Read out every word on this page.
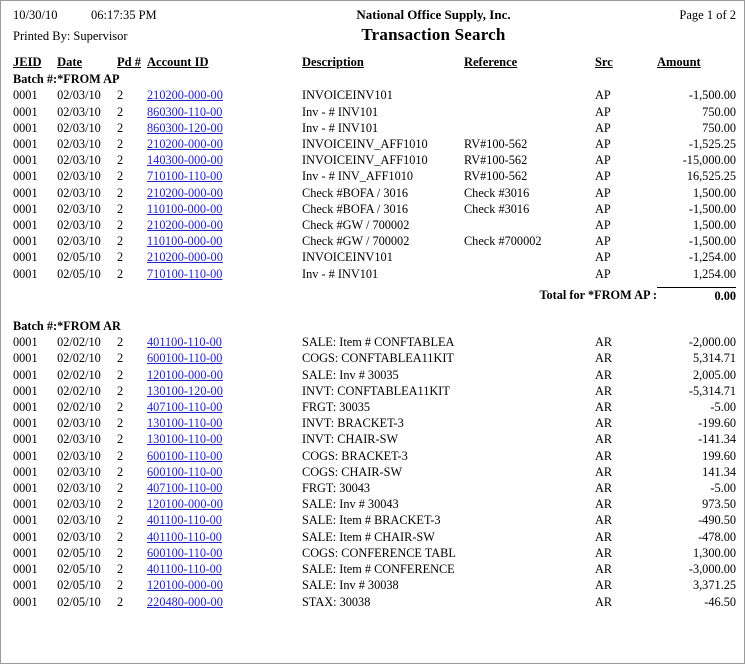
10/30/10	06:17:35 PM	National Office Supply, Inc.	Page 1 of 2
Printed By: Supervisor	Transaction Search
JEID	Date	Pd #	Account ID	Description	Reference	Src	Amount
Batch #:	*FROM AP						
0001	02/03/10	2	210200-000-00	INVOICEINV101		AP	-1,500.00
0001	02/03/10	2	860300-110-00	Inv - # INV101		AP	750.00
0001	02/03/10	2	860300-120-00	Inv - # INV101		AP	750.00
0001	02/03/10	2	210200-000-00	INVOICEINV_AFF1010	RV#100-562	AP	-1,525.25
0001	02/03/10	2	140300-000-00	INVOICEINV_AFF1010	RV#100-562	AP	-15,000.00
0001	02/03/10	2	710100-110-00	Inv - # INV_AFF1010	RV#100-562	AP	16,525.25
0001	02/03/10	2	210200-000-00	Check #BOFA / 3016	Check #3016	AP	1,500.00
0001	02/03/10	2	110100-000-00	Check #BOFA / 3016	Check #3016	AP	-1,500.00
0001	02/03/10	2	210200-000-00	Check #GW / 700002		AP	1,500.00
0001	02/03/10	2	110100-000-00	Check #GW / 700002	Check #700002	AP	-1,500.00
0001	02/05/10	2	210200-000-00	INVOICEINV101		AP	-1,254.00
0001	02/05/10	2	710100-110-00	Inv - # INV101		AP	1,254.00

Total for *FROM AP :							0.00

Batch #:	*FROM AR						
0001	02/02/10	2	401100-110-00	SALE: Item # CONFTABLEA		AR	-2,000.00
0001	02/02/10	2	600100-110-00	COGS: CONFTABLEA11KIT		AR	5,314.71
0001	02/02/10	2	120100-000-00	SALE: Inv # 30035		AR	2,005.00
0001	02/02/10	2	130100-120-00	INVT: CONFTABLEA11KIT		AR	-5,314.71
0001	02/02/10	2	407100-110-00	FRGT: 30035		AR	-5.00
0001	02/03/10	2	130100-110-00	INVT: BRACKET-3		AR	-199.60
0001	02/03/10	2	130100-110-00	INVT: CHAIR-SW		AR	-141.34
0001	02/03/10	2	600100-110-00	COGS: BRACKET-3		AR	199.60
0001	02/03/10	2	600100-110-00	COGS: CHAIR-SW		AR	141.34
0001	02/03/10	2	407100-110-00	FRGT: 30043		AR	-5.00
0001	02/03/10	2	120100-000-00	SALE: Inv # 30043		AR	973.50
0001	02/03/10	2	401100-110-00	SALE: Item # BRACKET-3		AR	-490.50
0001	02/03/10	2	401100-110-00	SALE: Item # CHAIR-SW		AR	-478.00
0001	02/05/10	2	600100-110-00	COGS: CONFERENCE TABL		AR	1,300.00
0001	02/05/10	2	401100-110-00	SALE: Item # CONFERENCE		AR	-3,000.00
0001	02/05/10	2	120100-000-00	SALE: Inv # 30038		AR	3,371.25
0001	02/05/10	2	220480-000-00	STAX: 30038		AR	-46.50
